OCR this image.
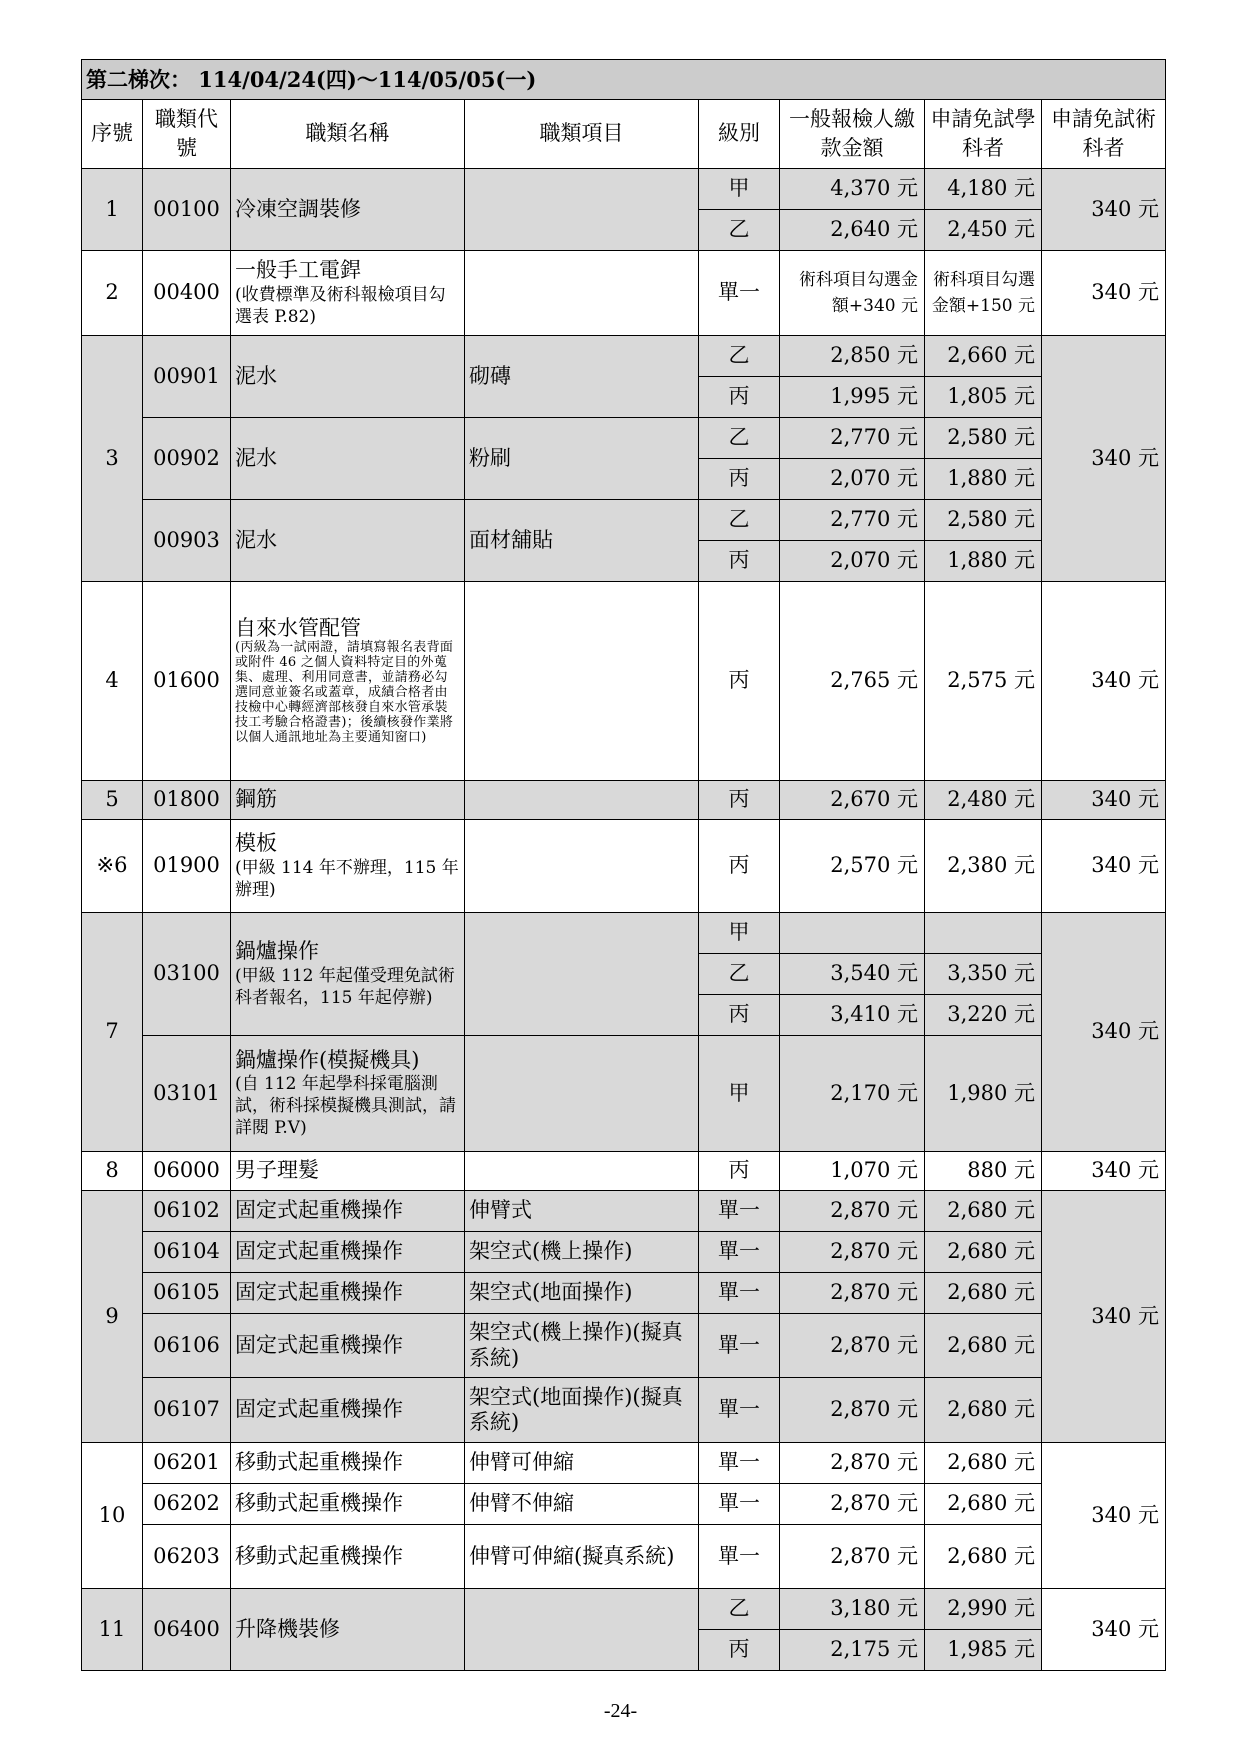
第二梯次： 114/04/24(四)～114/05/05(一)							
序號	職類代號	職類名稱	職類項目	級別	一般報檢人繳款金額	申請免試學科者	申請免試術科者
1	00100	冷凍空調裝修		甲	4,370 元	4,180 元	340 元
				乙	2,640 元	2,450 元	
2	00400	一般手工電銲
(收費標準及術科報檢項目勾選表 P.82)		單一	術科項目勾選金額+340 元	術科項目勾選金額+150 元	340 元
3	00901	泥水	砌磚	乙	2,850 元	2,660 元	340 元
				丙	1,995 元	1,805 元	
	00902	泥水	粉刷	乙	2,770 元	2,580 元	
				丙	2,070 元	1,880 元	
	00903	泥水	面材舖貼	乙	2,770 元	2,580 元	
				丙	2,070 元	1,880 元	
4	01600	自來水管配管
(丙級為一試兩證，請填寫報名表背面或附件 46 之個人資料特定目的外蒐集、處理、利用同意書，並請務必勾選同意並簽名或蓋章，成績合格者由技檢中心轉經濟部核發自來水管承裝技工考驗合格證書)；後續核發作業將以個人通訊地址為主要通知窗口)		丙	2,765 元	2,575 元	340 元
5	01800	鋼筋		丙	2,670 元	2,480 元	340 元
※6	01900	模板
(甲級 114 年不辦理，115 年辦理)		丙	2,570 元	2,380 元	340 元
7	03100	鍋爐操作
(甲級 112 年起僅受理免試術科者報名，115 年起停辦)		甲			340 元
				乙	3,540 元	3,350 元	
				丙	3,410 元	3,220 元	
	03101	鍋爐操作(模擬機具)
(自 112 年起學科採電腦測試，術科採模擬機具測試，請詳閱 P.Ⅴ)		甲	2,170 元	1,980 元	
8	06000	男子理髮		丙	1,070 元	880 元	340 元
9	06102	固定式起重機操作	伸臂式	單一	2,870 元	2,680 元	340 元
	06104	固定式起重機操作	架空式(機上操作)	單一	2,870 元	2,680 元	
	06105	固定式起重機操作	架空式(地面操作)	單一	2,870 元	2,680 元	
	06106	固定式起重機操作	架空式(機上操作)(擬真系統)	單一	2,870 元	2,680 元	
	06107	固定式起重機操作	架空式(地面操作)(擬真系統)	單一	2,870 元	2,680 元	
10	06201	移動式起重機操作	伸臂可伸縮	單一	2,870 元	2,680 元	340 元
	06202	移動式起重機操作	伸臂不伸縮	單一	2,870 元	2,680 元	
	06203	移動式起重機操作	伸臂可伸縮(擬真系統)	單一	2,870 元	2,680 元	
11	06400	升降機裝修		乙	3,180 元	2,990 元	340 元
				丙	2,175 元	1,985 元	
-24-
